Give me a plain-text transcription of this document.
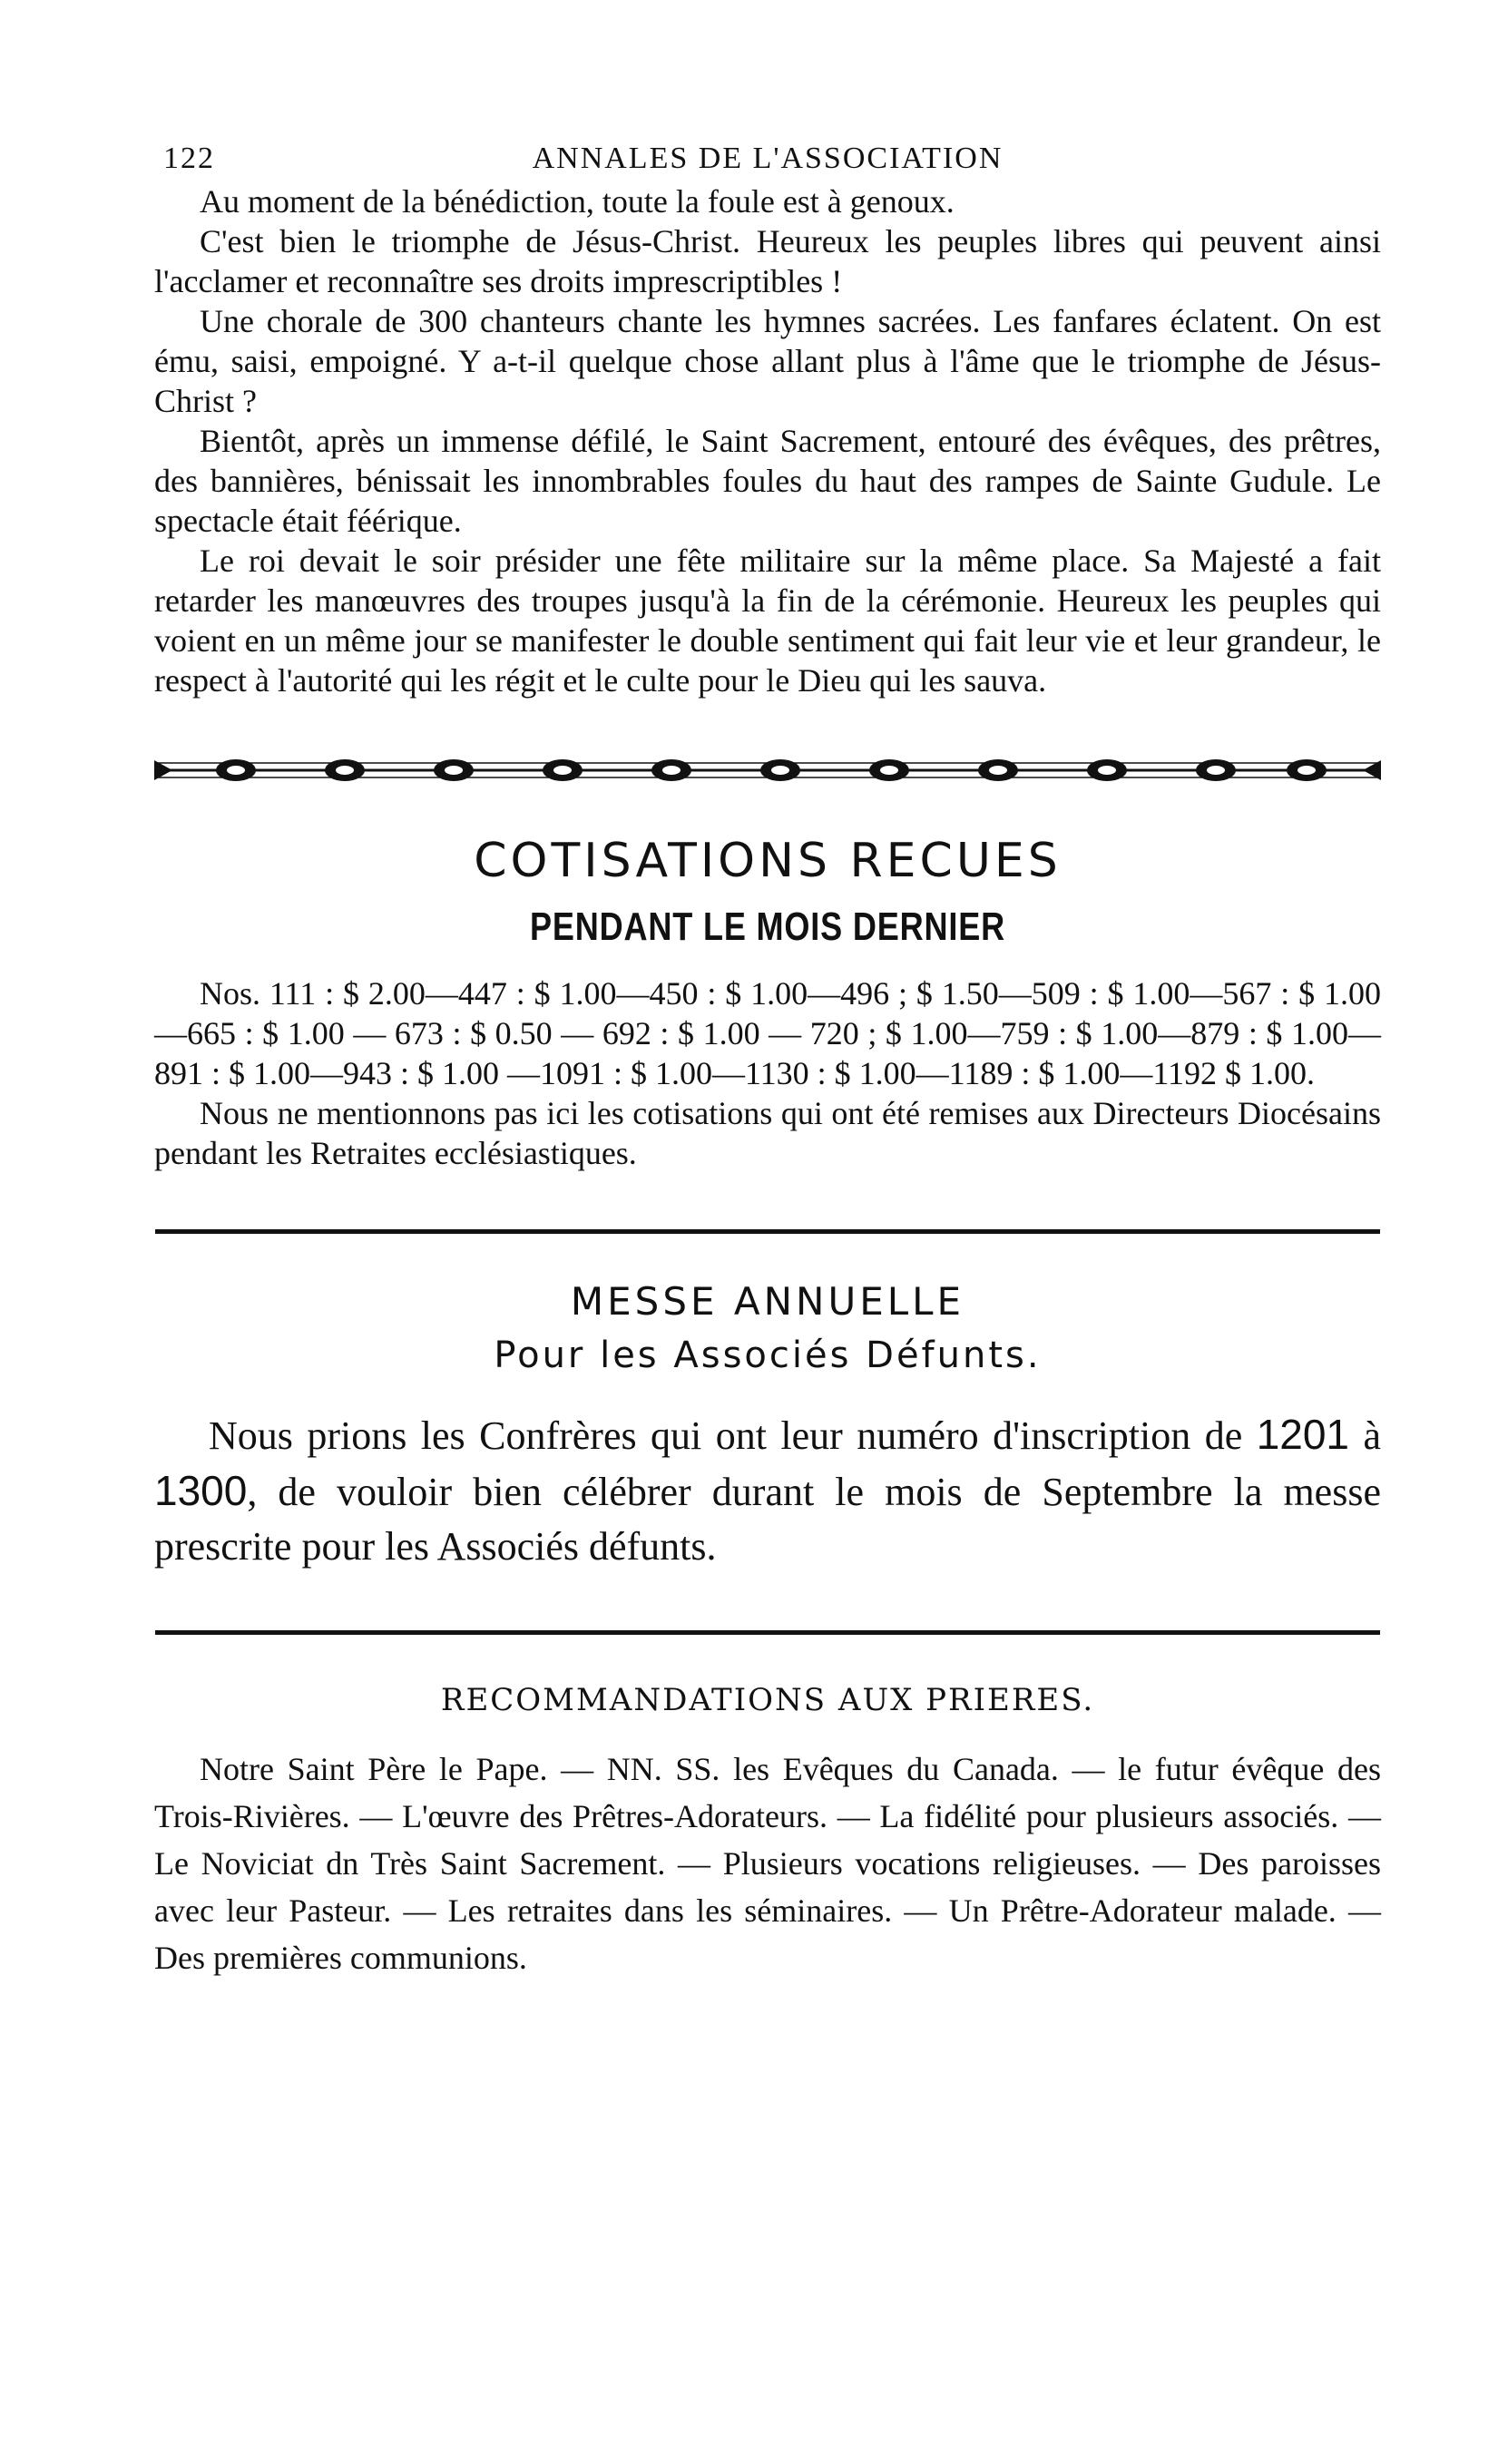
122	ANNALES DE L'ASSOCIATION

Au moment de la bénédiction, toute la foule est à genoux.

C'est bien le triomphe de Jésus-Christ. Heureux les peuples libres qui peuvent ainsi l'acclamer et reconnaître ses droits imprescriptibles !

Une chorale de 300 chanteurs chante les hymnes sacrées. Les fanfares éclatent. On est ému, saisi, empoigné. Y a-t-il quelque chose allant plus à l'âme que le triomphe de Jésus-Christ ?

Bientôt, après un immense défilé, le Saint Sacrement, entouré des évêques, des prêtres, des bannières, bénissait les innombrables foules du haut des rampes de Sainte Gudule. Le spectacle était féérique.

Le roi devait le soir présider une fête militaire sur la même place. Sa Majesté a fait retarder les manœuvres des troupes jusqu'à la fin de la cérémonie. Heureux les peuples qui voient en un même jour se manifester le double sentiment qui fait leur vie et leur grandeur, le respect à l'autorité qui les régit et le culte pour le Dieu qui les sauva.

COTISATIONS RECUES
PENDANT LE MOIS DERNIER

Nos. 111 : $ 2.00—447 : $ 1.00—450 : $ 1.00—496 ; $ 1.50—509 : $ 1.00—567 : $ 1.00—665 : $ 1.00 — 673 : $ 0.50 — 692 : $ 1.00 — 720 ; $ 1.00—759 : $ 1.00—879 : $ 1.00—891 : $ 1.00—943 : $ 1.00 —1091 : $ 1.00—1130 : $ 1.00—1189 : $ 1.00—1192 $ 1.00.

Nous ne mentionnons pas ici les cotisations qui ont été remises aux Directeurs Diocésains pendant les Retraites ecclésiastiques.

MESSE ANNUELLE
Pour les Associés Défunts.

Nous prions les Confrères qui ont leur numéro d'inscription de 1201 à 1300, de vouloir bien célébrer durant le mois de Septembre la messe prescrite pour les Associés défunts.

RECOMMANDATIONS AUX PRIERES.

Notre Saint Père le Pape. — NN. SS. les Evêques du Canada. — le futur évêque des Trois-Rivières. — L'œuvre des Prêtres-Adorateurs. — La fidélité pour plusieurs associés. — Le Noviciat dn Très Saint Sacrement. — Plusieurs vocations religieuses. — Des paroisses avec leur Pasteur. — Les retraites dans les séminaires. — Un Prêtre-Adorateur malade. — Des premières communions.
